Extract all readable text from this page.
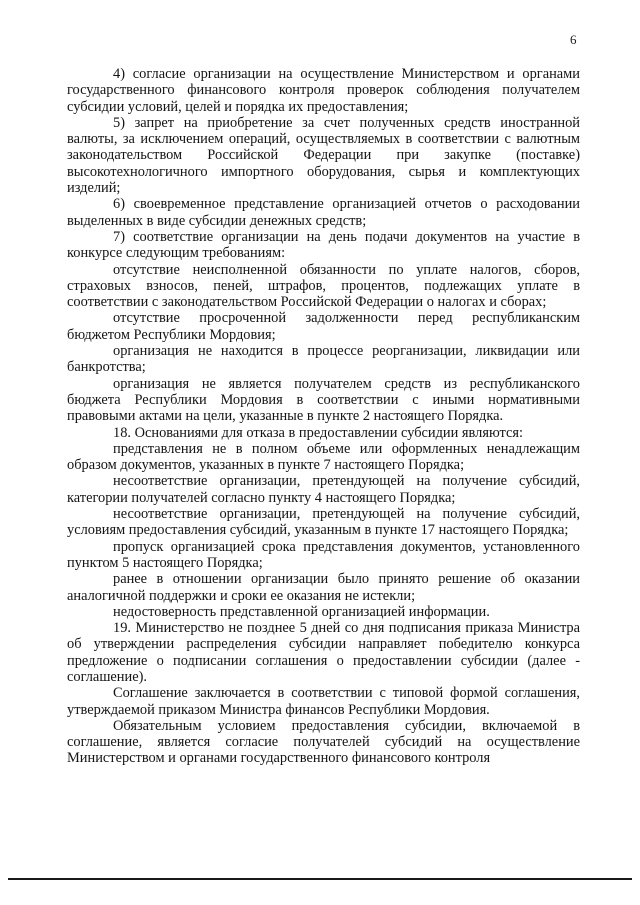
6

4) согласие организации на осуществление Министерством и органами государственного финансового контроля проверок соблюдения получателем субсидии условий, целей и порядка их предоставления;

5) запрет на приобретение за счет полученных средств иностранной валюты, за исключением операций, осуществляемых в соответствии с валютным законодательством Российской Федерации при закупке (поставке) высокотехнологичного импортного оборудования, сырья и комплектующих изделий;

6) своевременное представление организацией отчетов о расходовании выделенных в виде субсидии денежных средств;

7) соответствие организации на день подачи документов на участие в конкурсе следующим требованиям:

отсутствие неисполненной обязанности по уплате налогов, сборов, страховых взносов, пеней, штрафов, процентов, подлежащих уплате в соответствии с законодательством Российской Федерации о налогах и сборах;

отсутствие просроченной задолженности перед республиканским бюджетом Республики Мордовия;

организация не находится в процессе реорганизации, ликвидации или банкротства;

организация не является получателем средств из республиканского бюджета Республики Мордовия в соответствии с иными нормативными правовыми актами на цели, указанные в пункте 2 настоящего Порядка.

18. Основаниями для отказа в предоставлении субсидии являются:

представления не в полном объеме или оформленных ненадлежащим образом документов, указанных в пункте 7 настоящего Порядка;

несоответствие организации, претендующей на получение субсидий, категории получателей согласно пункту 4 настоящего Порядка;

несоответствие организации, претендующей на получение субсидий, условиям предоставления субсидий, указанным в пункте 17 настоящего Порядка;

пропуск организацией срока представления документов, установленного пунктом 5 настоящего Порядка;

ранее в отношении организации было принято решение об оказании аналогичной поддержки и сроки ее оказания не истекли;

недостоверность представленной организацией информации.

19. Министерство не позднее 5 дней со дня подписания приказа Министра об утверждении распределения субсидии направляет победителю конкурса предложение о подписании соглашения о предоставлении субсидии (далее - соглашение).

Соглашение заключается в соответствии с типовой формой соглашения, утверждаемой приказом Министра финансов Республики Мордовия.

Обязательным условием предоставления субсидии, включаемой в соглашение, является согласие получателей субсидий на осуществление Министерством и органами государственного финансового контроля
